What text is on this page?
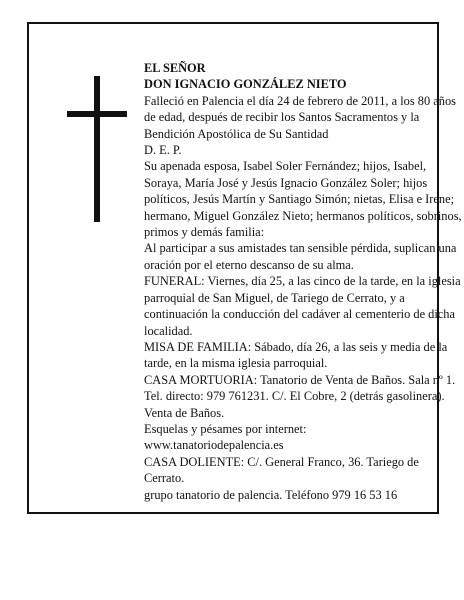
EL SEÑOR

DON IGNACIO GONZÁLEZ NIETO

Falleció en Palencia el día 24 de febrero de 2011, a los 80 años de edad, después de recibir los Santos Sacramentos y la Bendición Apostólica de Su Santidad

D. E. P.

Su apenada esposa, Isabel Soler Fernández; hijos, Isabel, Soraya, María José y Jesús Ignacio González Soler; hijos políticos, Jesús Martín y Santiago Simón; nietas, Elisa e Irene; hermano, Miguel González Nieto; hermanos políticos, sobrinos, primos y demás familia:

Al participar a sus amistades tan sensible pérdida, suplican una oración por el eterno descanso de su alma.

FUNERAL: Viernes, día 25, a las cinco de la tarde, en la iglesia parroquial de San Miguel, de Tariego de Cerrato, y a continuación la conducción del cadáver al cementerio de dicha localidad.

MISA DE FAMILIA: Sábado, día 26, a las seis y media de la tarde, en la misma iglesia parroquial.

CASA MORTUORIA: Tanatorio de Venta de Baños. Sala nº 1. Tel. directo: 979 761231. C/. El Cobre, 2 (detrás gasolinera). Venta de Baños.

Esquelas y pésames por internet:

www.tanatoriodepalencia.es

CASA DOLIENTE: C/. General Franco, 36. Tariego de Cerrato.

grupo tanatorio de palencia. Teléfono 979 16 53 16
